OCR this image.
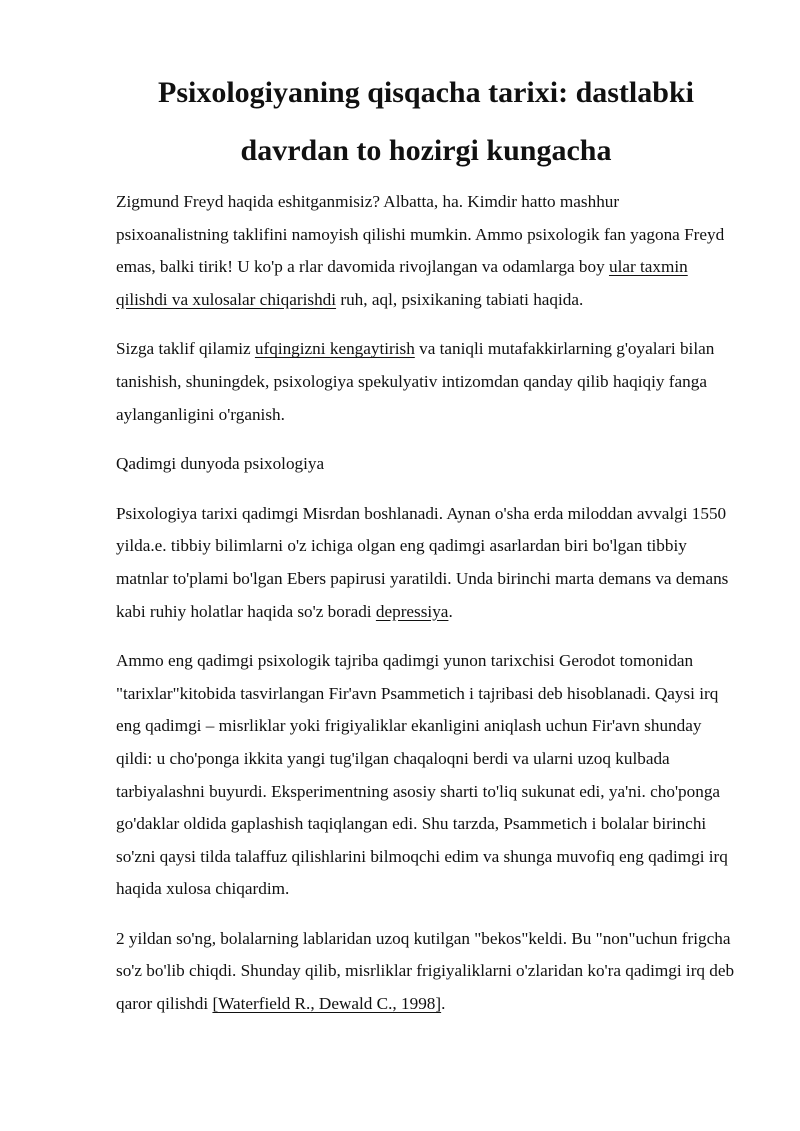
Psixologiyaning qisqacha tarixi: dastlabki davrdan to hozirgi kungacha

Zigmund Freyd haqida eshitganmisiz? Albatta, ha. Kimdir hatto mashhur psixoanalistning taklifini namoyish qilishi mumkin. Ammo psixologik fan yagona Freyd emas, balki tirik! U ko'p a rlar davomida rivojlangan va odamlarga boy ular taxmin qilishdi va xulosalar chiqarishdi ruh, aql, psixikaning tabiati haqida.

Sizga taklif qilamiz ufqingizni kengaytirish va taniqli mutafakkirlarning g'oyalari bilan tanishish, shuningdek, psixologiya spekulyativ intizomdan qanday qilib haqiqiy fanga aylanganligini o'rganish.

Qadimgi dunyoda psixologiya

Psixologiya tarixi qadimgi Misrdan boshlanadi. Aynan o'sha erda miloddan avvalgi 1550 yilda.e. tibbiy bilimlarni o'z ichiga olgan eng qadimgi asarlardan biri bo'lgan tibbiy matnlar to'plami bo'lgan Ebers papirusi yaratildi. Unda birinchi marta demans va demans kabi ruhiy holatlar haqida so'z boradi depressiya.

Ammo eng qadimgi psixologik tajriba qadimgi yunon tarixchisi Gerodot tomonidan "tarixlar"kitobida tasvirlangan Fir'avn Psammetich i tajribasi deb hisoblanadi. Qaysi irq eng qadimgi – misrliklar yoki frigiyaliklar ekanligini aniqlash uchun Fir'avn shunday qildi: u cho'ponga ikkita yangi tug'ilgan chaqaloqni berdi va ularni uzoq kulbada tarbiyalashni buyurdi. Eksperimentning asosiy sharti to'liq sukunat edi, ya'ni. cho'ponga go'daklar oldida gaplashish taqiqlangan edi. Shu tarzda, Psammetich i bolalar birinchi so'zni qaysi tilda talaffuz qilishlarini bilmoqchi edim va shunga muvofiq eng qadimgi irq haqida xulosa chiqardim.

2 yildan so'ng, bolalarning lablaridan uzoq kutilgan "bekos"keldi. Bu "non"uchun frigcha so'z bo'lib chiqdi. Shunday qilib, misrliklar frigiyaliklarni o'zlaridan ko'ra qadimgi irq deb qaror qilishdi [Waterfield R., Dewald C., 1998].
